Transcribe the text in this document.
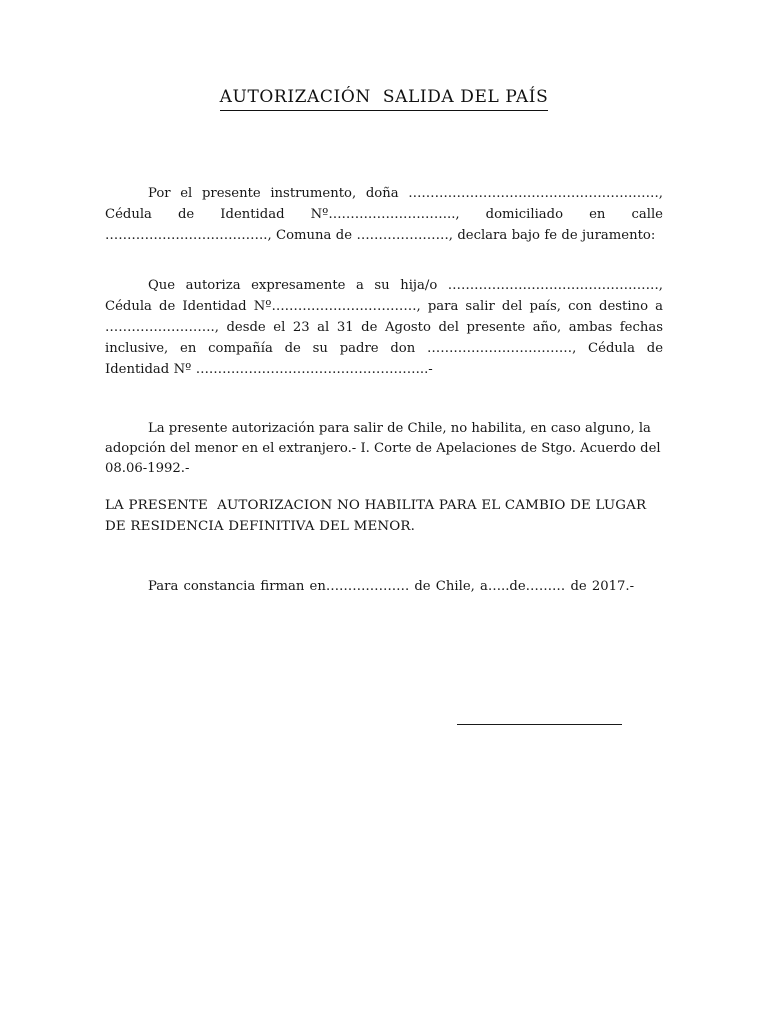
AUTORIZACIÓN  SALIDA DEL PAÍS

Por el presente instrumento, doña …………………………………………………, Cédula de Identidad Nº……………………….., domiciliado en calle ………………………………., Comuna de …………………, declara bajo fe de juramento:

Que autoriza expresamente a su hija/o …………………………………………, Cédula de Identidad Nº……………………………, para salir del país, con destino a ……………………., desde el 23 al 31 de Agosto del presente año, ambas fechas inclusive, en compañía de su padre don ……………………………, Cédula de Identidad Nº ……………………………………………..-

La presente autorización para salir de Chile, no habilita, en caso alguno, la adopción del menor en el extranjero.- I. Corte de Apelaciones de Stgo. Acuerdo del 08.06-1992.-

LA PRESENTE  AUTORIZACION NO HABILITA PARA EL CAMBIO DE LUGAR DE RESIDENCIA DEFINITIVA DEL MENOR.

Para constancia firman en………………. de Chile, a…..de……… de 2017.-
